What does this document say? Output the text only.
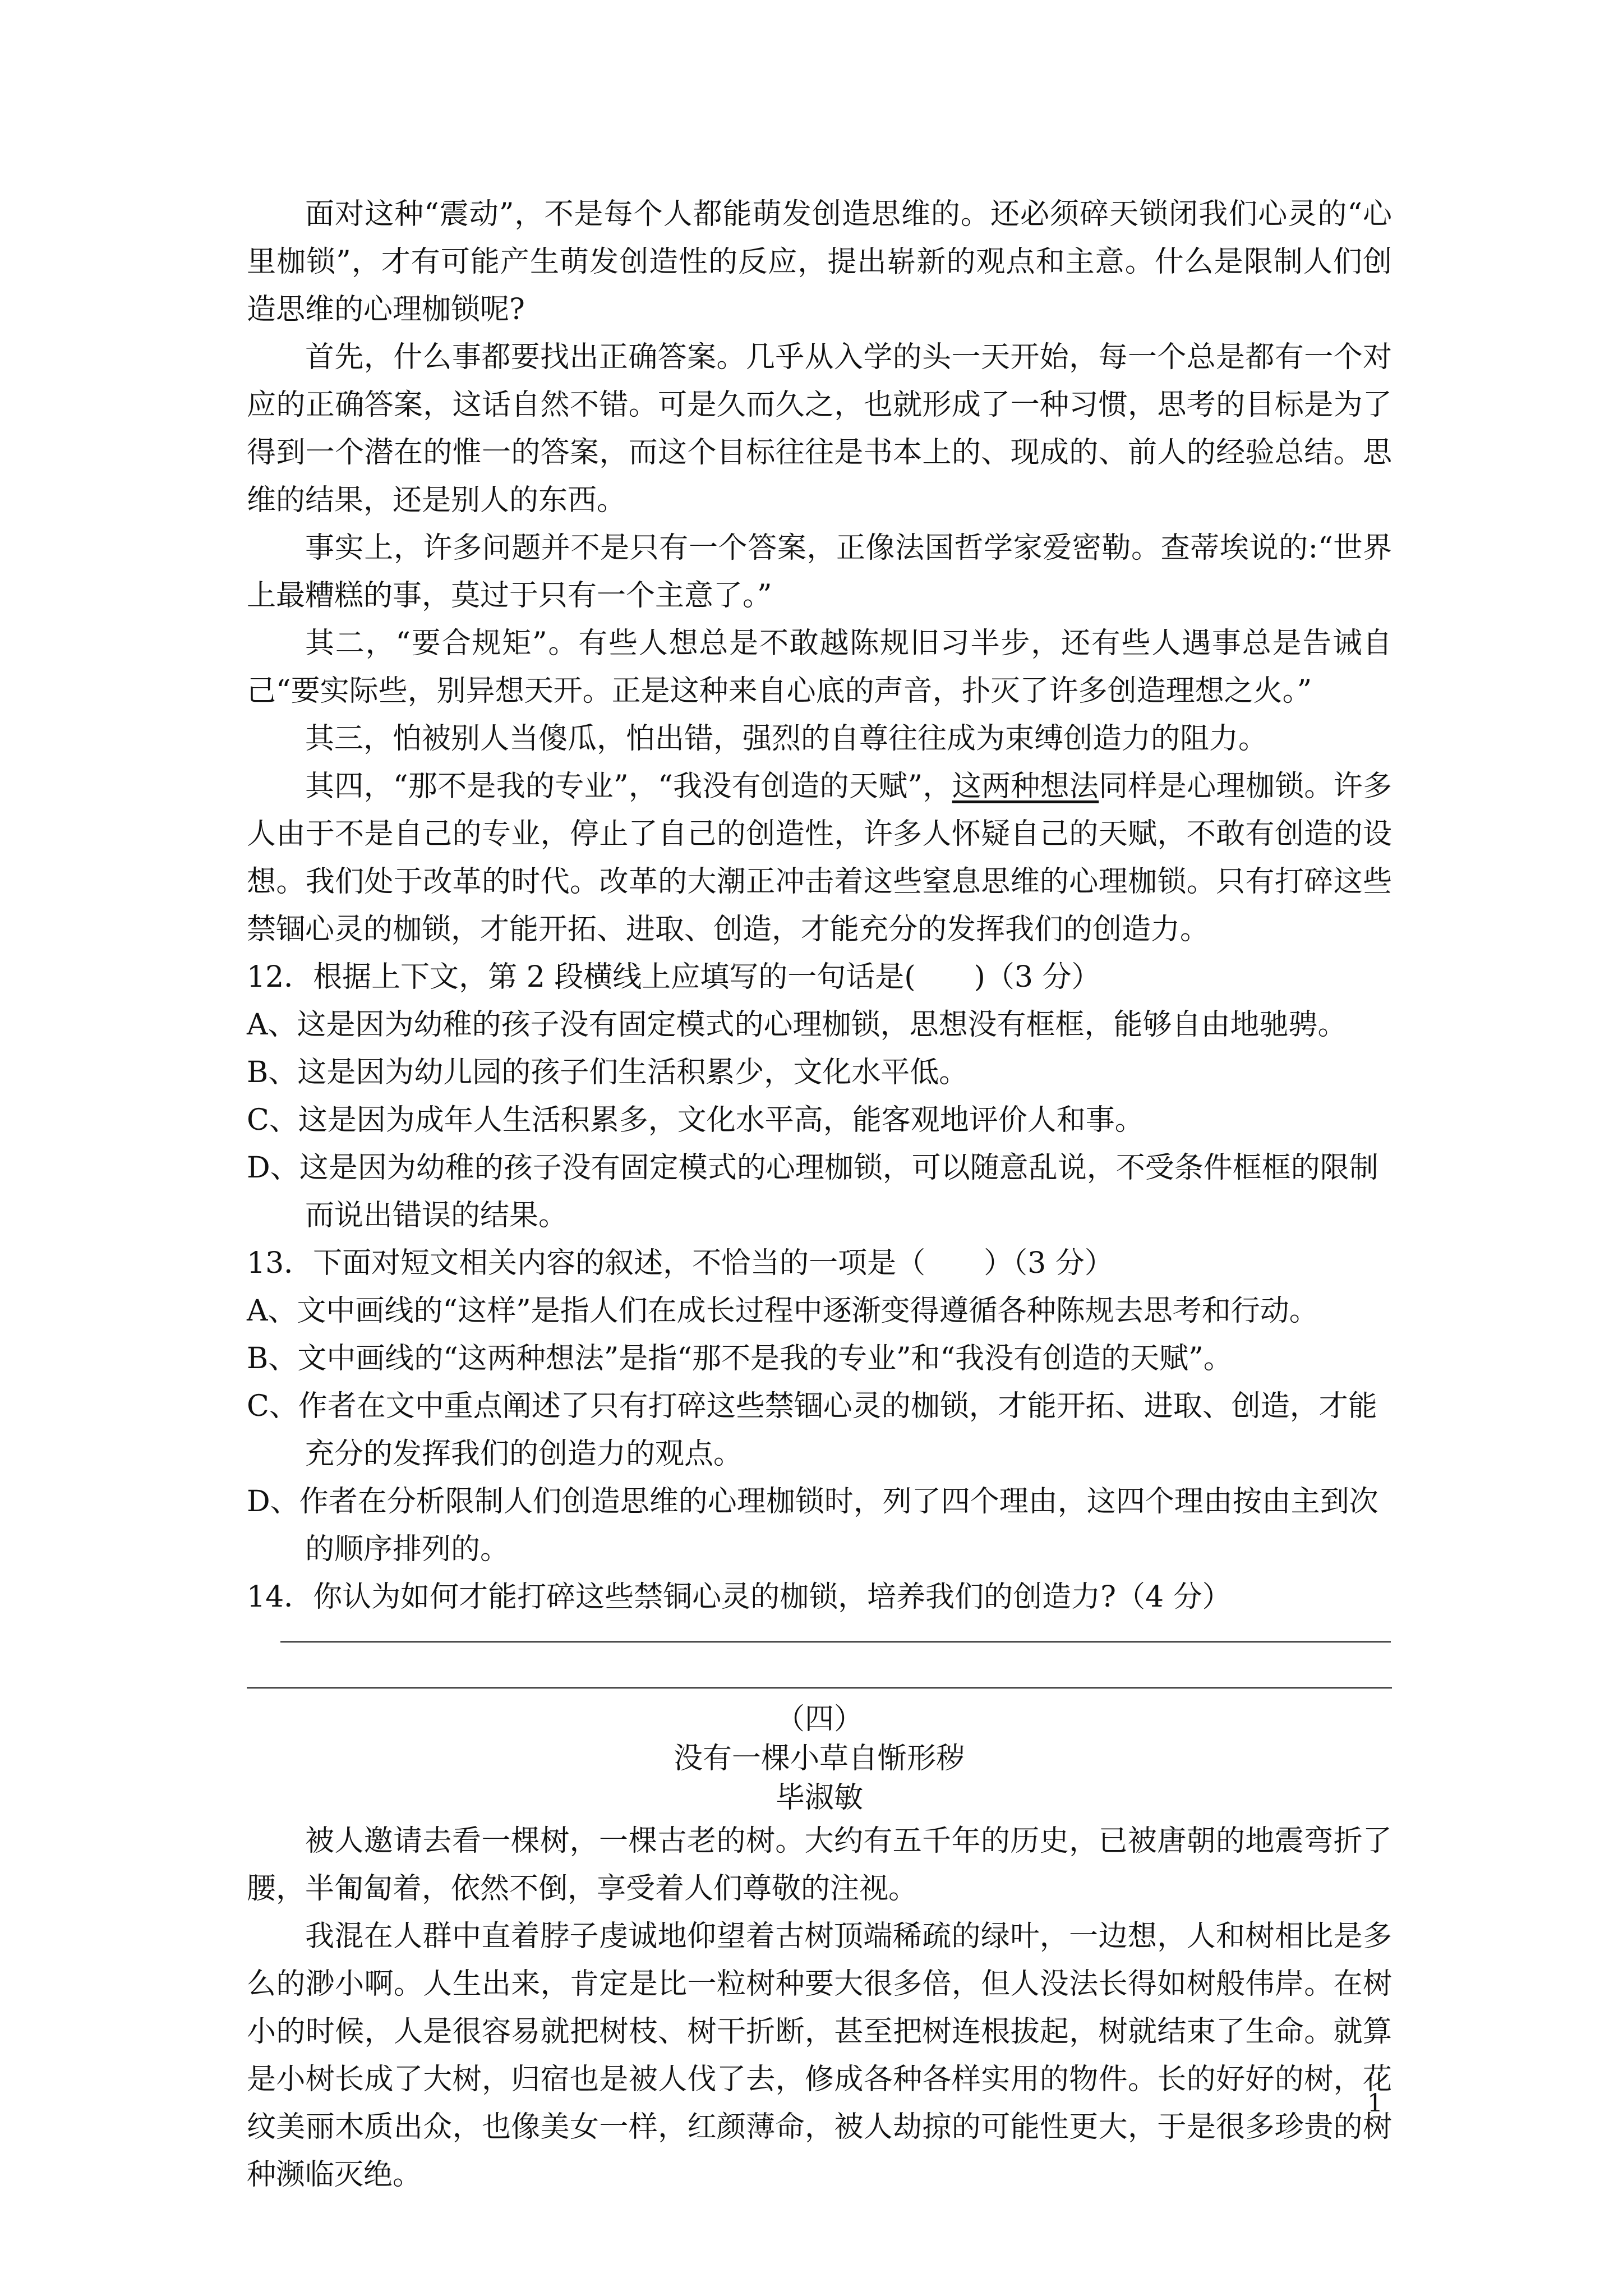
面对这种“震动”，不是每个人都能萌发创造思维的。还必须碎天锁闭我们心灵的“心里枷锁”，才有可能产生萌发创造性的反应，提出崭新的观点和主意。什么是限制人们创造思维的心理枷锁呢?

首先，什么事都要找出正确答案。几乎从入学的头一天开始，每一个总是都有一个对应的正确答案，这话自然不错。可是久而久之，也就形成了一种习惯，思考的目标是为了得到一个潜在的惟一的答案，而这个目标往往是书本上的、现成的、前人的经验总结。思维的结果，还是别人的东西。

事实上，许多问题并不是只有一个答案，正像法国哲学家爱密勒。查蒂埃说的:“世界上最糟糕的事，莫过于只有一个主意了。”

其二，“要合规矩”。有些人想总是不敢越陈规旧习半步，还有些人遇事总是告诫自己“要实际些，别异想天开。正是这种来自心底的声音，扑灭了许多创造理想之火。”

其三，怕被别人当傻瓜，怕出错，强烈的自尊往往成为束缚创造力的阻力。

其四，“那不是我的专业”，“我没有创造的天赋”，这两种想法同样是心理枷锁。许多人由于不是自己的专业，停止了自己的创造性，许多人怀疑自己的天赋，不敢有创造的设想。我们处于改革的时代。改革的大潮正冲击着这些窒息思维的心理枷锁。只有打碎这些禁锢心灵的枷锁，才能开拓、进取、创造，才能充分的发挥我们的创造力。

12．根据上下文，第 2 段横线上应填写的一句话是(　　)（3 分）

A、这是因为幼稚的孩子没有固定模式的心理枷锁，思想没有框框，能够自由地驰骋。

B、这是因为幼儿园的孩子们生活积累少，文化水平低。

C、这是因为成年人生活积累多，文化水平高，能客观地评价人和事。

D、这是因为幼稚的孩子没有固定模式的心理枷锁，可以随意乱说，不受条件框框的限制而说出错误的结果。

13．下面对短文相关内容的叙述，不恰当的一项是（　　）（3 分）

A、文中画线的“这样”是指人们在成长过程中逐渐变得遵循各种陈规去思考和行动。

B、文中画线的“这两种想法”是指“那不是我的专业”和“我没有创造的天赋”。

C、作者在文中重点阐述了只有打碎这些禁锢心灵的枷锁，才能开拓、进取、创造，才能充分的发挥我们的创造力的观点。

D、作者在分析限制人们创造思维的心理枷锁时，列了四个理由，这四个理由按由主到次的顺序排列的。

14．你认为如何才能打碎这些禁铜心灵的枷锁，培养我们的创造力?（4 分）

（四）

没有一棵小草自惭形秽

毕淑敏

被人邀请去看一棵树，一棵古老的树。大约有五千年的历史，已被唐朝的地震弯折了腰，半匍匐着，依然不倒，享受着人们尊敬的注视。

我混在人群中直着脖子虔诚地仰望着古树顶端稀疏的绿叶，一边想，人和树相比是多么的渺小啊。人生出来，肯定是比一粒树种要大很多倍，但人没法长得如树般伟岸。在树小的时候，人是很容易就把树枝、树干折断，甚至把树连根拔起，树就结束了生命。就算是小树长成了大树，归宿也是被人伐了去，修成各种各样实用的物件。长的好好的树，花纹美丽木质出众，也像美女一样，红颜薄命，被人劫掠的可能性更大，于是很多珍贵的树种濒临灭绝。

1
